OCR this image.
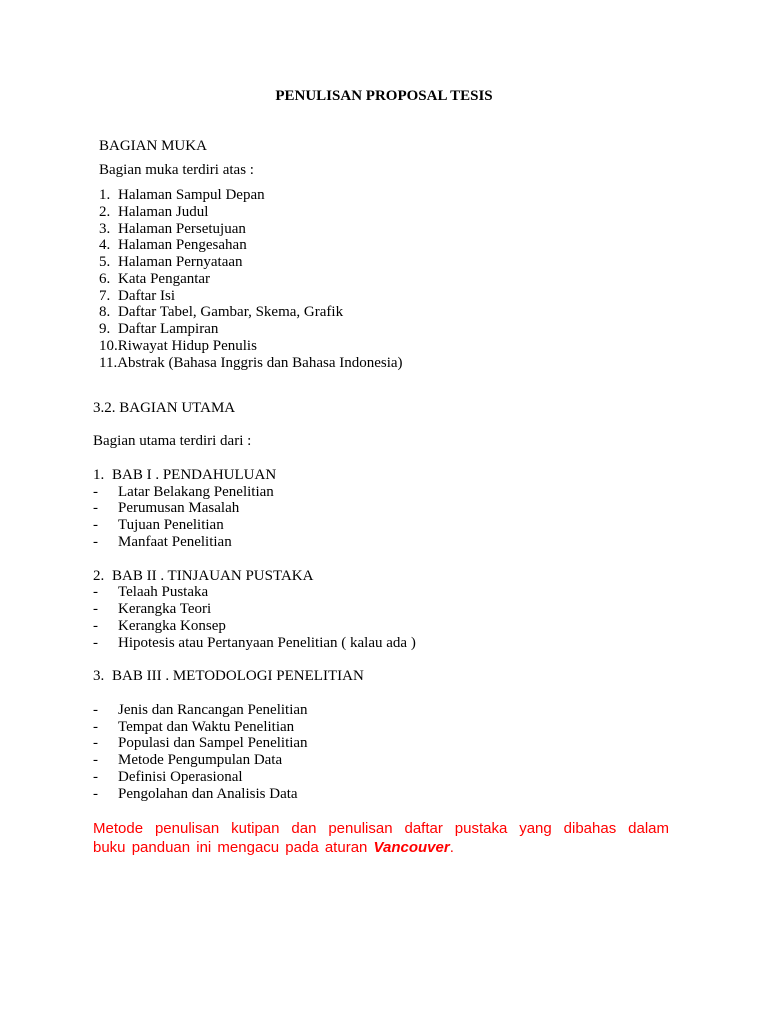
PENULISAN PROPOSAL TESIS
BAGIAN MUKA
Bagian muka terdiri atas :
1. Halaman Sampul Depan
2. Halaman Judul
3. Halaman Persetujuan
4. Halaman Pengesahan
5. Halaman Pernyataan
6. Kata Pengantar
7. Daftar Isi
8. Daftar Tabel, Gambar, Skema, Grafik
9. Daftar Lampiran
10.Riwayat Hidup Penulis
11.Abstrak (Bahasa Inggris dan Bahasa Indonesia)
3.2. BAGIAN UTAMA
Bagian utama terdiri dari :
1. BAB I . PENDAHULUAN
- Latar Belakang Penelitian
- Perumusan Masalah
- Tujuan Penelitian
- Manfaat Penelitian
2. BAB II . TINJAUAN PUSTAKA
- Telaah Pustaka
- Kerangka Teori
- Kerangka Konsep
- Hipotesis atau Pertanyaan Penelitian ( kalau ada )
3. BAB III . METODOLOGI PENELITIAN
- Jenis dan Rancangan Penelitian
- Tempat dan Waktu Penelitian
- Populasi dan Sampel Penelitian
- Metode Pengumpulan Data
- Definisi Operasional
- Pengolahan dan Analisis Data

Metode penulisan kutipan dan penulisan daftar pustaka yang dibahas dalam
buku panduan ini mengacu pada aturan Vancouver.
